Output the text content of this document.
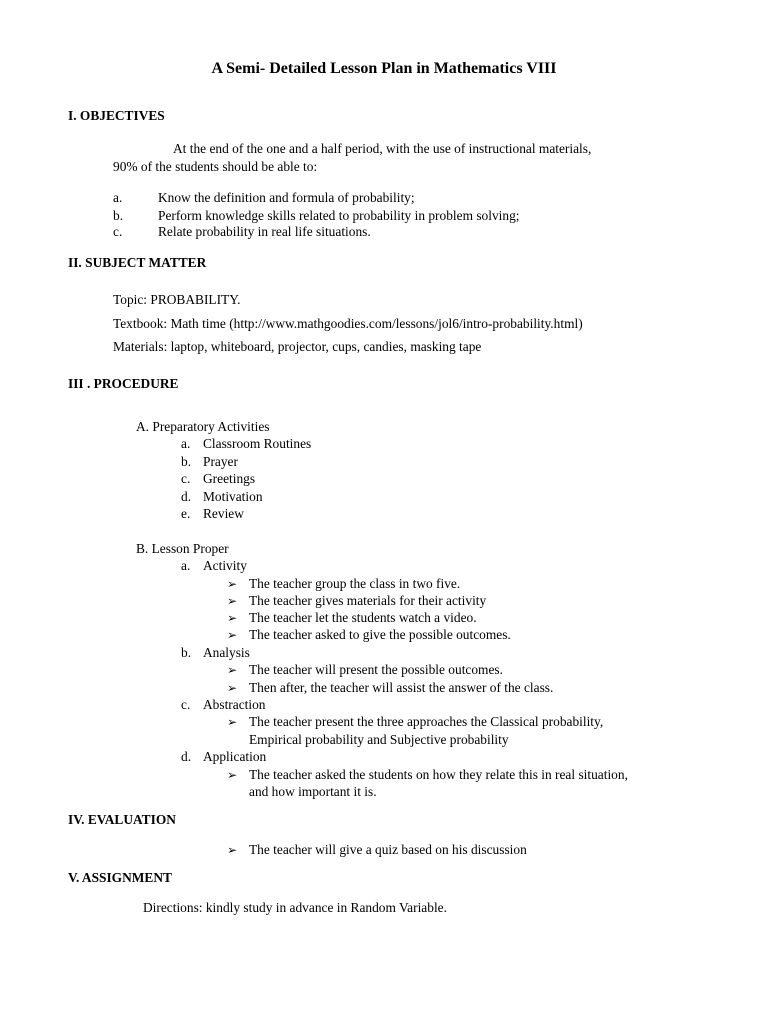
A Semi- Detailed Lesson Plan in Mathematics VIII
I. OBJECTIVES
At the end of the one and a half period, with the use of instructional materials,
90% of the students should be able to:
a.	Know the definition and formula of probability;
b.	Perform knowledge skills related to probability in problem solving;
c.	Relate probability in real life situations.
II. SUBJECT MATTER
Topic: PROBABILITY.
Textbook: Math time (http://www.mathgoodies.com/lessons/jol6/intro-probability.html)
Materials: laptop, whiteboard, projector, cups, candies, masking tape
III . PROCEDURE
A. Preparatory Activities
a. Classroom Routines
b. Prayer
c. Greetings
d. Motivation
e. Review
B. Lesson Proper
a. Activity
➢ The teacher group the class in two five.
➢ The teacher gives materials for their activity
➢ The teacher let the students watch a video.
➢ The teacher asked to give the possible outcomes.
b. Analysis
➢ The teacher will present the possible outcomes.
➢ Then after, the teacher will assist the answer of the class.
c. Abstraction
➢ The teacher present the three approaches the Classical probability,
Empirical probability and Subjective probability
d. Application
➢ The teacher asked the students on how they relate this in real situation,
and how important it is.
IV. EVALUATION
➢ The teacher will give a quiz based on his discussion
V. ASSIGNMENT
Directions: kindly study in advance in Random Variable.
